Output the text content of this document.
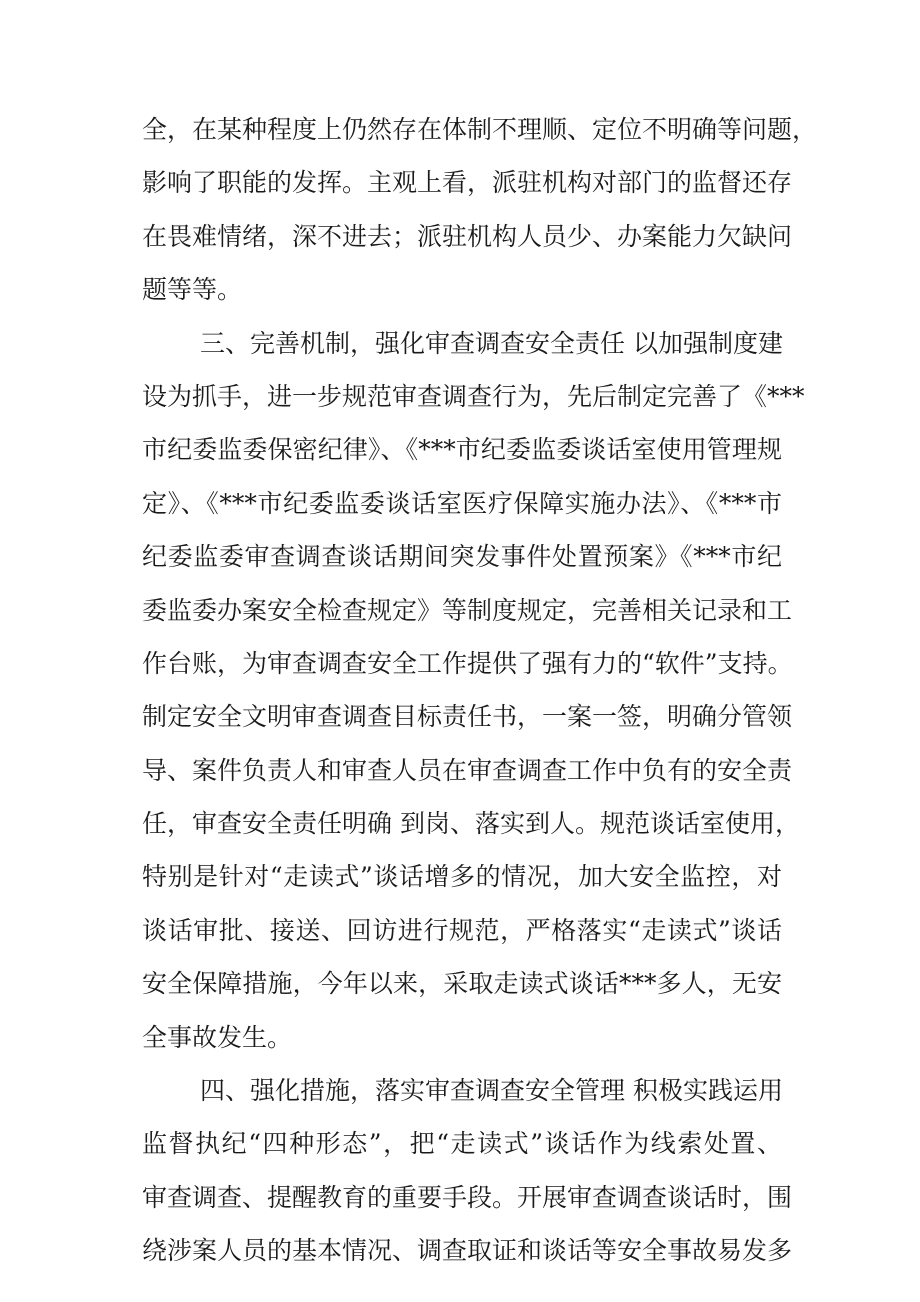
全，在某种程度上仍然存在体制不理顺、定位不明确等问题，
影响了职能的发挥。主观上看，派驻机构对部门的监督还存
在畏难情绪，深不进去；派驻机构人员少、办案能力欠缺问
题等等。
三、完善机制，强化审查调查安全责任 以加强制度建
设为抓手，进一步规范审查调查行为，先后制定完善了《***
市纪委监委保密纪律》、《***市纪委监委谈话室使用管理规
定》、《***市纪委监委谈话室医疗保障实施办法》、《***市
纪委监委审查调查谈话期间突发事件处置预案》《***市纪
委监委办案安全检查规定》等制度规定，完善相关记录和工
作台账，为审查调查安全工作提供了强有力的“软件”支持。
制定安全文明审查调查目标责任书，一案一签，明确分管领
导、案件负责人和审查人员在审查调查工作中负有的安全责
任，审查安全责任明确 到岗、落实到人。规范谈话室使用，
特别是针对“走读式”谈话增多的情况，加大安全监控，对
谈话审批、接送、回访进行规范，严格落实“走读式”谈话
安全保障措施，今年以来，采取走读式谈话***多人，无安
全事故发生。
四、强化措施，落实审查调查安全管理 积极实践运用
监督执纪“四种形态”，把“走读式”谈话作为线索处置、
审查调查、提醒教育的重要手段。开展审查调查谈话时，围
绕涉案人员的基本情况、调查取证和谈话等安全事故易发多
